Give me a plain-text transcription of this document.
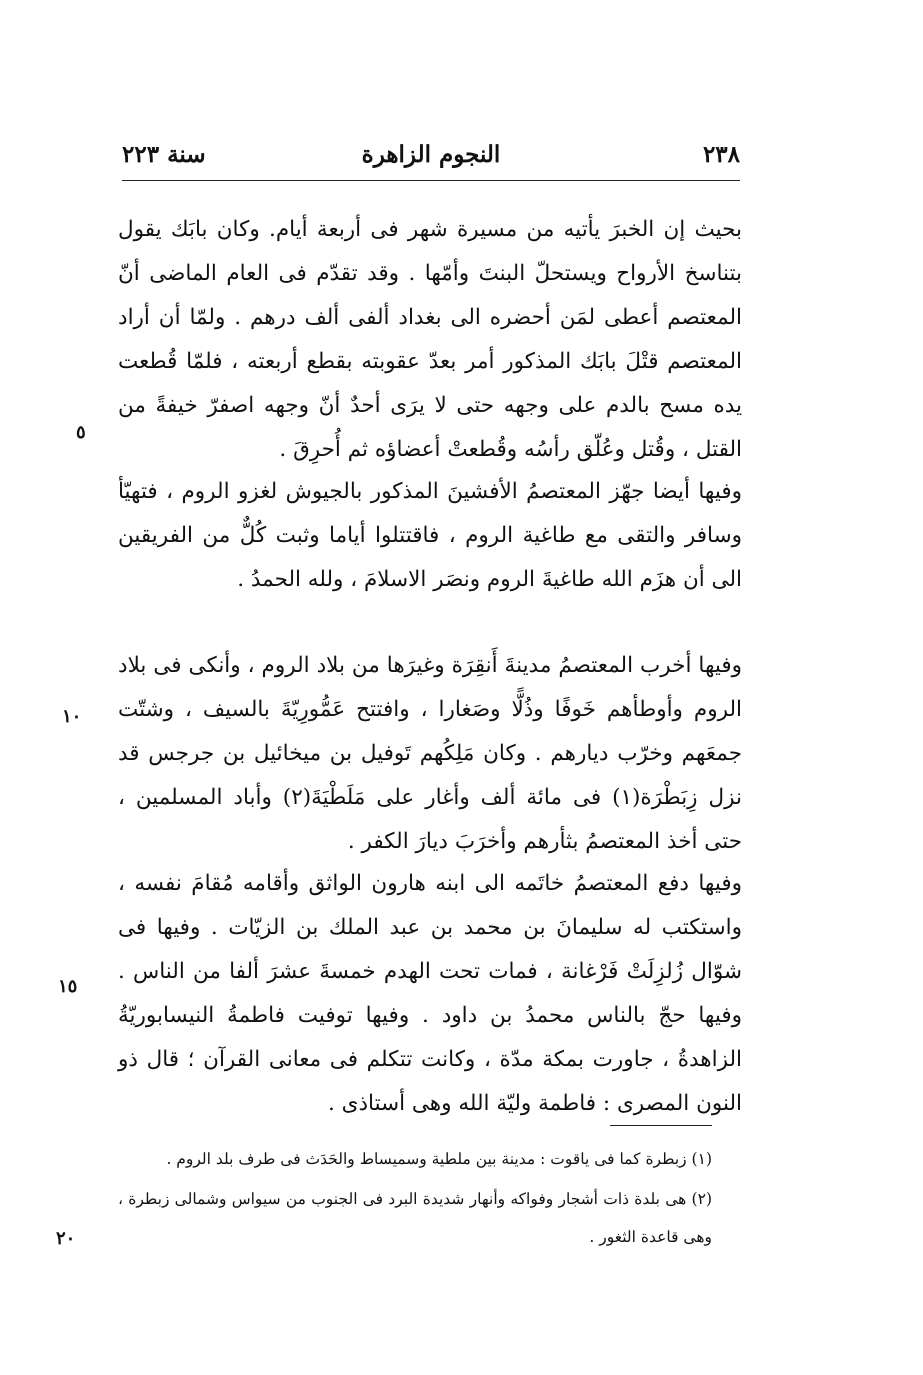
٢٣٨
النجوم الزاهرة
سنة ٢٢٣
بحيث إن الخبرَ يأتيه من مسيرة شهر فى أربعة أيام. وكان بابَك يقول بتناسخ الأرواح ويستحلّ البنتَ وأمّها . وقد تقدّم فى العام الماضى أنّ المعتصم أعطى لمَن أحضره الى بغداد ألفى ألف درهم . ولمّا أن أراد المعتصم قتْلَ بابَك المذكور أمر بعدّ عقوبته بقطع أربعته ، فلمّا قُطعت يده مسح بالدم على وجهه حتى لا يرَى أحدٌ أنّ وجهه اصفرّ خيفةً من القتل ، وقُتل وعُلّق رأسُه وقُطعتْ أعضاؤه ثم أُحرِقَ .
وفيها أيضا جهّز المعتصمُ الأفشينَ المذكور بالجيوش لغزو الروم ، فتهيّأ وسافر والتقى مع طاغية الروم ، فاقتتلوا أياما وثبت كُلٌّ من الفريقين الى أن هزَم الله طاغيةَ الروم ونصَر الاسلامَ ، ولله الحمدُ .
وفيها أخرب المعتصمُ مدينةَ أَنقِرَة وغيرَها من بلاد الروم ، وأنكى فى بلاد الروم وأوطأهم خَوفًا وذُلًّا وصَغارا ، وافتتح عَمُّورِيّةَ بالسيف ، وشتّت جمعَهم وخرّب ديارهم . وكان مَلِكُهم تَوفيل بن ميخائيل بن جرجس قد نزل زِبَطْرَة(١) فى مائة ألف وأغار على مَلَطْيَةَ(٢) وأباد المسلمين ، حتى أخذ المعتصمُ بثأرهم وأخرَبَ ديارَ الكفر .
وفيها دفع المعتصمُ خاتَمه الى ابنه هارون الواثق وأقامه مُقامَ نفسه ، واستكتب له سليمانَ بن محمد بن عبد الملك بن الزيّات . وفيها فى شوّال زُلزِلَتْ فَرْغانة ، فمات تحت الهدم خمسةَ عشرَ ألفا من الناس . وفيها حجّ بالناس محمدُ بن داود . وفيها توفيت فاطمةُ النيسابوريّةُ الزاهدةُ ، جاورت بمكة مدّة ، وكانت تتكلم فى معانى القرآن ؛ قال ذو النون المصرى : فاطمة وليّة الله وهى أستاذى .
٥
١٠
١٥
٢٠
(١) زبطرة كما فى ياقوت : مدينة بين ملطية وسميساط والحَدَث فى طرف بلد الروم .
(٢) هى بلدة ذات أشجار وفواكه وأنهار شديدة البرد فى الجنوب من سيواس وشمالى زبطرة ، وهى قاعدة الثغور .
